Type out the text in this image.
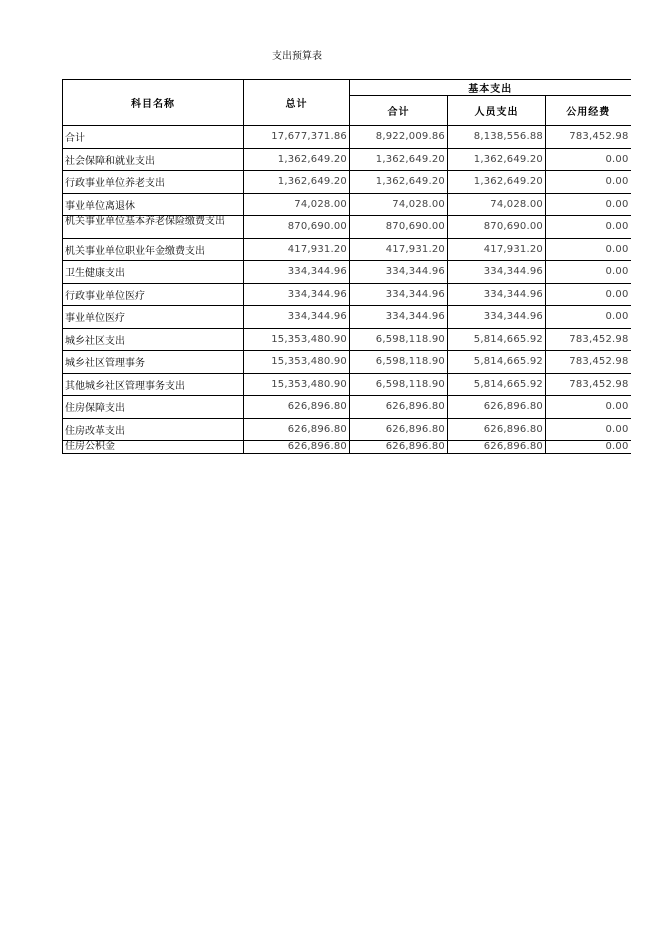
支出预算表
科目名称	总计	基本支出		
		合计	人员支出	公用经费
合计	17,677,371.86	8,922,009.86	8,138,556.88	783,452.98
社会保障和就业支出	1,362,649.20	1,362,649.20	1,362,649.20	0.00
行政事业单位养老支出	1,362,649.20	1,362,649.20	1,362,649.20	0.00
事业单位离退休	74,028.00	74,028.00	74,028.00	0.00
机关事业单位基本养老保险缴费支出	870,690.00	870,690.00	870,690.00	0.00
机关事业单位职业年金缴费支出	417,931.20	417,931.20	417,931.20	0.00
卫生健康支出	334,344.96	334,344.96	334,344.96	0.00
行政事业单位医疗	334,344.96	334,344.96	334,344.96	0.00
事业单位医疗	334,344.96	334,344.96	334,344.96	0.00
城乡社区支出	15,353,480.90	6,598,118.90	5,814,665.92	783,452.98
城乡社区管理事务	15,353,480.90	6,598,118.90	5,814,665.92	783,452.98
其他城乡社区管理事务支出	15,353,480.90	6,598,118.90	5,814,665.92	783,452.98
住房保障支出	626,896.80	626,896.80	626,896.80	0.00
住房改革支出	626,896.80	626,896.80	626,896.80	0.00
住房公积金	626,896.80	626,896.80	626,896.80	0.00
